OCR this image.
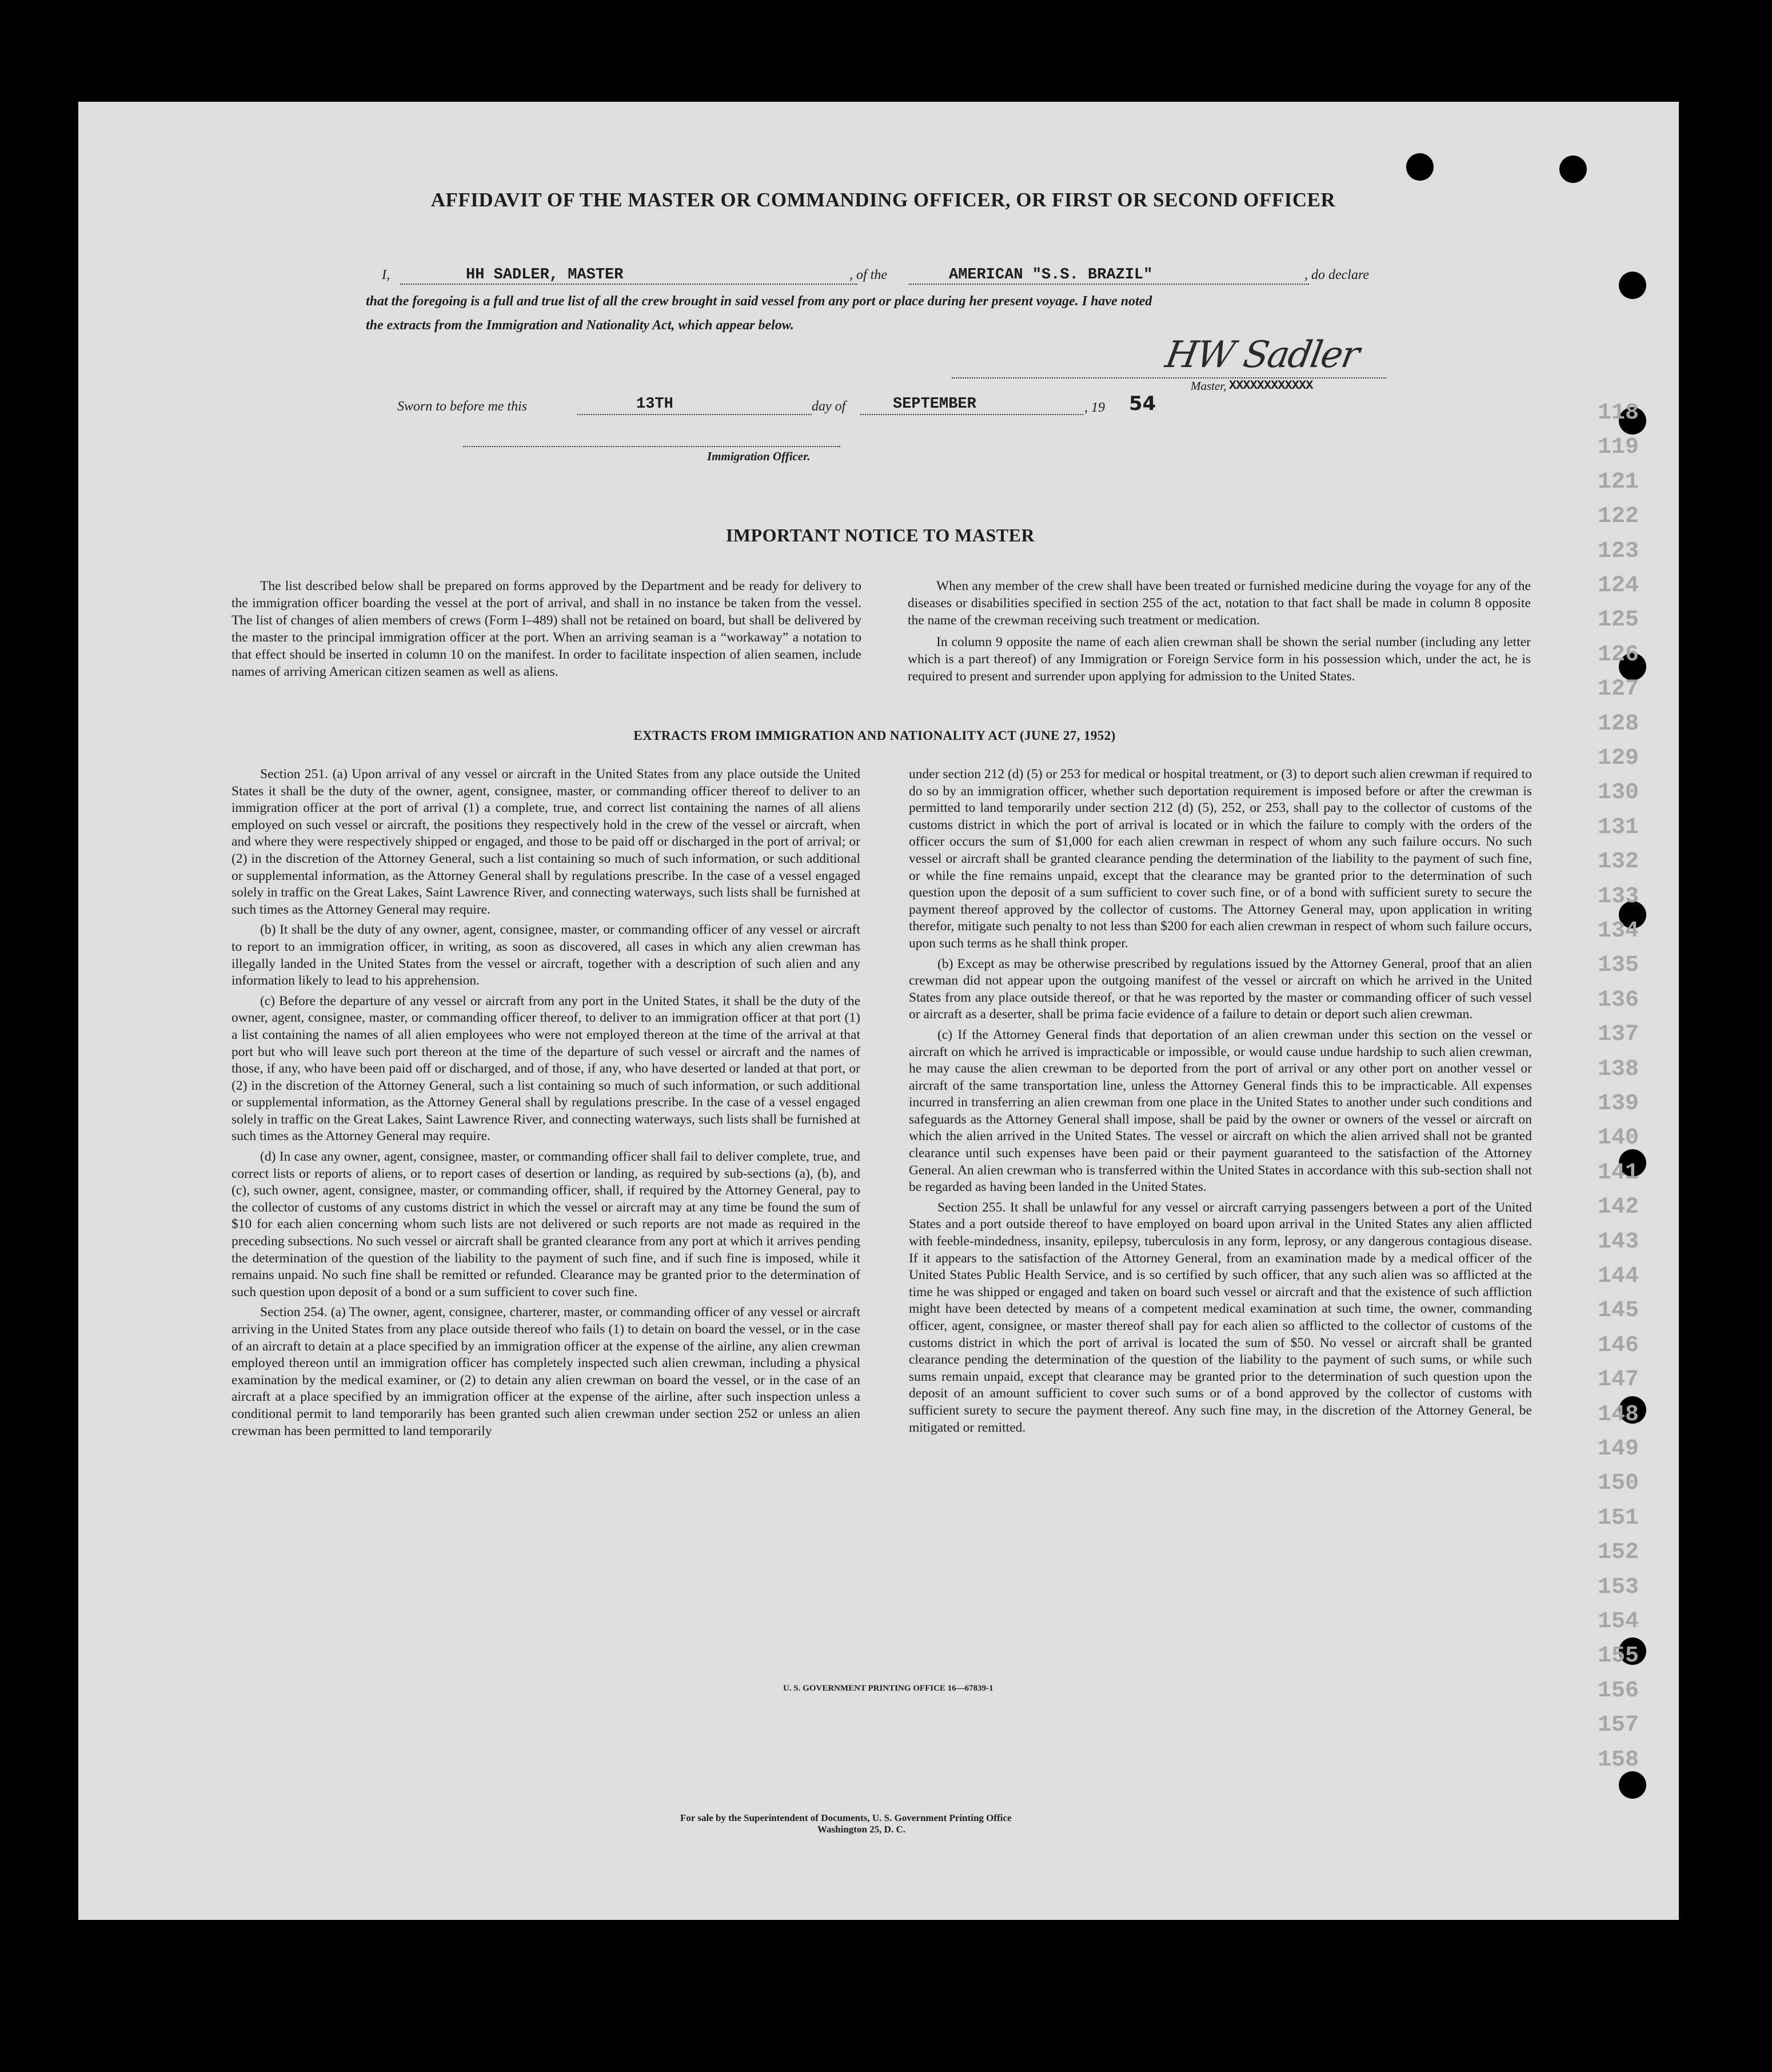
118
119
121
122
123
124
125
126
127
128
129
130
131
132
133
134
135
136
137
138
139
140
141
142
143
144
145
146
147
148
149
150
151
152
153
154
155
156
157
158
AFFIDAVIT OF THE MASTER OR COMMANDING OFFICER, OR FIRST OR SECOND OFFICER
I,	HH SADLER, MASTER	, of the	AMERICAN "S.S. BRAZIL"	, do declare
that the foregoing is a full and true list of all the crew brought in said vessel from any port or place during her present voyage. I have noted
the extracts from the Immigration and Nationality Act, which appear below.
HW Sadler
Master, XXXXXXXXXXXX
Sworn to before me this	13TH	day of	SEPTEMBER	, 19 54
Immigration Officer.
IMPORTANT NOTICE TO MASTER

The list described below shall be prepared on forms approved by the Department and be ready for delivery to the immigration officer boarding the vessel at the port of arrival, and shall in no instance be taken from the vessel. The list of changes of alien members of crews (Form I–489) shall not be retained on board, but shall be delivered by the master to the principal immigration officer at the port. When an arriving seaman is a “workaway” a notation to that effect should be inserted in column 10 on the manifest. In order to facilitate inspection of alien seamen, include names of arriving American citizen seamen as well as aliens.

When any member of the crew shall have been treated or furnished medicine during the voyage for any of the diseases or disabilities specified in section 255 of the act, notation to that fact shall be made in column 8 opposite the name of the crewman receiving such treatment or medication.

In column 9 opposite the name of each alien crewman shall be shown the serial number (including any letter which is a part thereof) of any Immigration or Foreign Service form in his possession which, under the act, he is required to present and surrender upon applying for admission to the United States.

EXTRACTS FROM IMMIGRATION AND NATIONALITY ACT (JUNE 27, 1952)

Section 251. (a) Upon arrival of any vessel or aircraft in the United States from any place outside the United States it shall be the duty of the owner, agent, consignee, master, or commanding officer thereof to deliver to an immigration officer at the port of arrival (1) a complete, true, and correct list containing the names of all aliens employed on such vessel or aircraft, the positions they respectively hold in the crew of the vessel or aircraft, when and where they were respectively shipped or engaged, and those to be paid off or discharged in the port of arrival; or (2) in the discretion of the Attorney General, such a list containing so much of such information, or such additional or supplemental information, as the Attorney General shall by regulations prescribe. In the case of a vessel engaged solely in traffic on the Great Lakes, Saint Lawrence River, and connecting waterways, such lists shall be furnished at such times as the Attorney General may require.

(b) It shall be the duty of any owner, agent, consignee, master, or commanding officer of any vessel or aircraft to report to an immigration officer, in writing, as soon as discovered, all cases in which any alien crewman has illegally landed in the United States from the vessel or aircraft, together with a description of such alien and any information likely to lead to his apprehension.

(c) Before the departure of any vessel or aircraft from any port in the United States, it shall be the duty of the owner, agent, consignee, master, or commanding officer thereof, to deliver to an immigration officer at that port (1) a list containing the names of all alien employees who were not employed thereon at the time of the arrival at that port but who will leave such port thereon at the time of the departure of such vessel or aircraft and the names of those, if any, who have been paid off or discharged, and of those, if any, who have deserted or landed at that port, or (2) in the discretion of the Attorney General, such a list containing so much of such information, or such additional or supplemental information, as the Attorney General shall by regulations prescribe. In the case of a vessel engaged solely in traffic on the Great Lakes, Saint Lawrence River, and connecting waterways, such lists shall be furnished at such times as the Attorney General may require.

(d) In case any owner, agent, consignee, master, or commanding officer shall fail to deliver complete, true, and correct lists or reports of aliens, or to report cases of desertion or landing, as required by sub-sections (a), (b), and (c), such owner, agent, consignee, master, or commanding officer, shall, if required by the Attorney General, pay to the collector of customs of any customs district in which the vessel or aircraft may at any time be found the sum of $10 for each alien concerning whom such lists are not delivered or such reports are not made as required in the preceding subsections. No such vessel or aircraft shall be granted clearance from any port at which it arrives pending the determination of the question of the liability to the payment of such fine, and if such fine is imposed, while it remains unpaid. No such fine shall be remitted or refunded. Clearance may be granted prior to the determination of such question upon deposit of a bond or a sum sufficient to cover such fine.

Section 254. (a) The owner, agent, consignee, charterer, master, or commanding officer of any vessel or aircraft arriving in the United States from any place outside thereof who fails (1) to detain on board the vessel, or in the case of an aircraft to detain at a place specified by an immigration officer at the expense of the airline, any alien crewman employed thereon until an immigration officer has completely inspected such alien crewman, including a physical examination by the medical examiner, or (2) to detain any alien crewman on board the vessel, or in the case of an aircraft at a place specified by an immigration officer at the expense of the airline, after such inspection unless a conditional permit to land temporarily has been granted such alien crewman under section 252 or unless an alien crewman has been permitted to land temporarily

under section 212 (d) (5) or 253 for medical or hospital treatment, or (3) to deport such alien crewman if required to do so by an immigration officer, whether such deportation requirement is imposed before or after the crewman is permitted to land temporarily under section 212 (d) (5), 252, or 253, shall pay to the collector of customs of the customs district in which the port of arrival is located or in which the failure to comply with the orders of the officer occurs the sum of $1,000 for each alien crewman in respect of whom any such failure occurs. No such vessel or aircraft shall be granted clearance pending the determination of the liability to the payment of such fine, or while the fine remains unpaid, except that the clearance may be granted prior to the determination of such question upon the deposit of a sum sufficient to cover such fine, or of a bond with sufficient surety to secure the payment thereof approved by the collector of customs. The Attorney General may, upon application in writing therefor, mitigate such penalty to not less than $200 for each alien crewman in respect of whom such failure occurs, upon such terms as he shall think proper.

(b) Except as may be otherwise prescribed by regulations issued by the Attorney General, proof that an alien crewman did not appear upon the outgoing manifest of the vessel or aircraft on which he arrived in the United States from any place outside thereof, or that he was reported by the master or commanding officer of such vessel or aircraft as a deserter, shall be prima facie evidence of a failure to detain or deport such alien crewman.

(c) If the Attorney General finds that deportation of an alien crewman under this section on the vessel or aircraft on which he arrived is impracticable or impossible, or would cause undue hardship to such alien crewman, he may cause the alien crewman to be deported from the port of arrival or any other port on another vessel or aircraft of the same transportation line, unless the Attorney General finds this to be impracticable. All expenses incurred in transferring an alien crewman from one place in the United States to another under such conditions and safeguards as the Attorney General shall impose, shall be paid by the owner or owners of the vessel or aircraft on which the alien arrived in the United States. The vessel or aircraft on which the alien arrived shall not be granted clearance until such expenses have been paid or their payment guaranteed to the satisfaction of the Attorney General. An alien crewman who is transferred within the United States in accordance with this sub-section shall not be regarded as having been landed in the United States.

Section 255. It shall be unlawful for any vessel or aircraft carrying passengers between a port of the United States and a port outside thereof to have employed on board upon arrival in the United States any alien afflicted with feeble-mindedness, insanity, epilepsy, tuberculosis in any form, leprosy, or any dangerous contagious disease. If it appears to the satisfaction of the Attorney General, from an examination made by a medical officer of the United States Public Health Service, and is so certified by such officer, that any such alien was so afflicted at the time he was shipped or engaged and taken on board such vessel or aircraft and that the existence of such affliction might have been detected by means of a competent medical examination at such time, the owner, commanding officer, agent, consignee, or master thereof shall pay for each alien so afflicted to the collector of customs of the customs district in which the port of arrival is located the sum of $50. No vessel or aircraft shall be granted clearance pending the determination of the question of the liability to the payment of such sums, or while such sums remain unpaid, except that clearance may be granted prior to the determination of such question upon the deposit of an amount sufficient to cover such sums or of a bond approved by the collector of customs with sufficient surety to secure the payment thereof. Any such fine may, in the discretion of the Attorney General, be mitigated or remitted.

U. S. GOVERNMENT PRINTING OFFICE 16—67839-1
For sale by the Superintendent of Documents, U. S. Government Printing Office
Washington 25, D. C.
